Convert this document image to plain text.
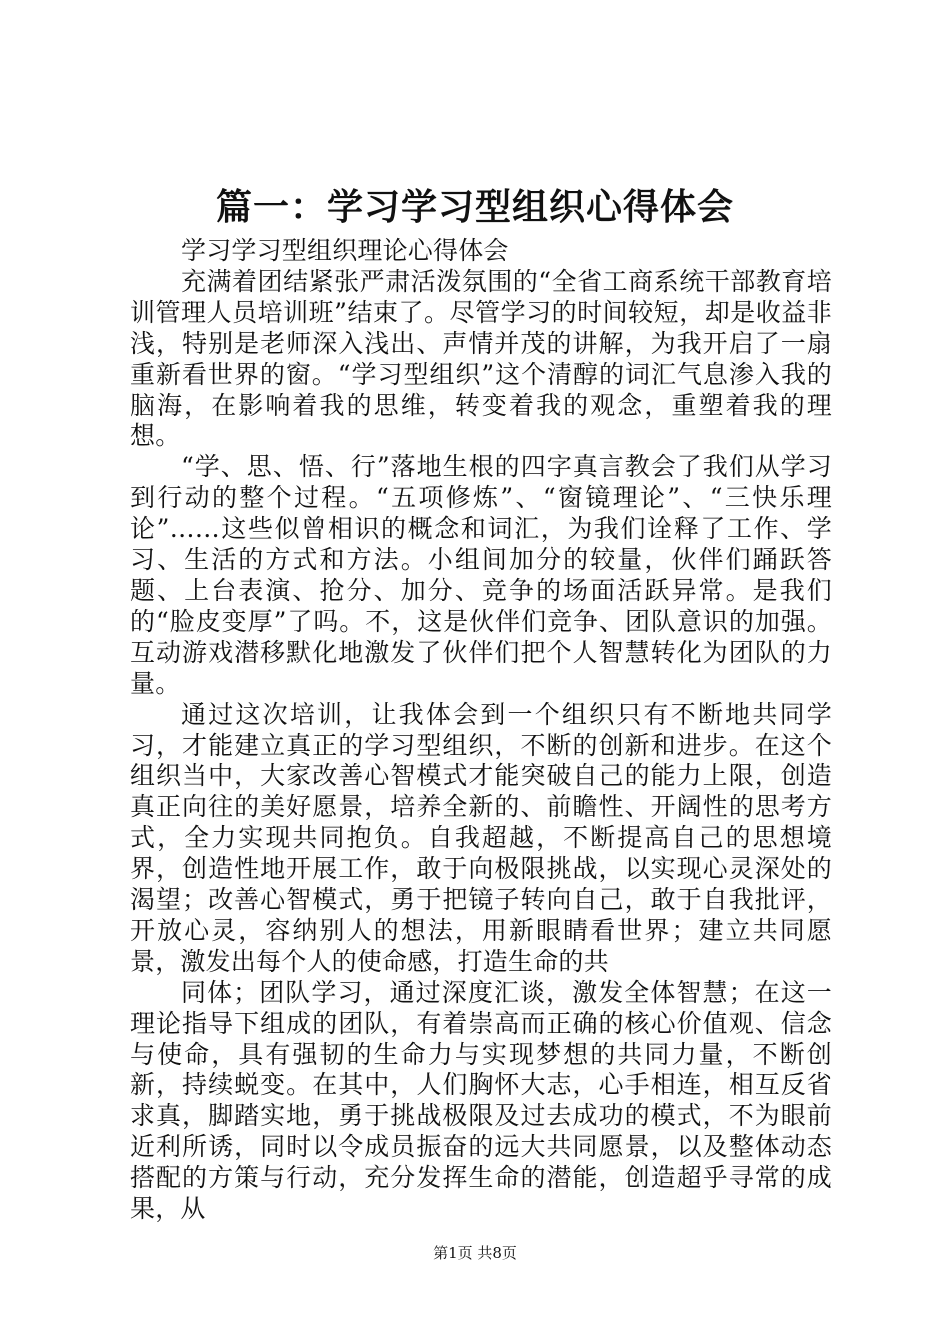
篇一：学习学习型组织心得体会

学习学习型组织理论心得体会

充满着团结紧张严肃活泼氛围的“全省工商系统干部教育培训管理人员培训班”结束了。尽管学习的时间较短，却是收益非浅，特别是老师深入浅出、声情并茂的讲解，为我开启了一扇重新看世界的窗。“学习型组织”这个清醇的词汇气息渗入我的脑海，在影响着我的思维，转变着我的观念，重塑着我的理想。

“学、思、悟、行”落地生根的四字真言教会了我们从学习到行动的整个过程。“五项修炼”、“窗镜理论”、“三快乐理论”……这些似曾相识的概念和词汇，为我们诠释了工作、学习、生活的方式和方法。小组间加分的较量，伙伴们踊跃答题、上台表演、抢分、加分、竞争的场面活跃异常。是我们的“脸皮变厚”了吗。不，这是伙伴们竞争、团队意识的加强。互动游戏潜移默化地激发了伙伴们把个人智慧转化为团队的力量。

通过这次培训，让我体会到一个组织只有不断地共同学习，才能建立真正的学习型组织，不断的创新和进步。在这个组织当中，大家改善心智模式才能突破自己的能力上限，创造真正向往的美好愿景，培养全新的、前瞻性、开阔性的思考方式，全力实现共同抱负。自我超越，不断提高自己的思想境界，创造性地开展工作，敢于向极限挑战，以实现心灵深处的渴望；改善心智模式，勇于把镜子转向自己，敢于自我批评，开放心灵，容纳别人的想法，用新眼睛看世界；建立共同愿景，激发出每个人的使命感，打造生命的共

同体；团队学习，通过深度汇谈，激发全体智慧；在这一理论指导下组成的团队，有着崇高而正确的核心价值观、信念与使命，具有强韧的生命力与实现梦想的共同力量，不断创新，持续蜕变。在其中，人们胸怀大志，心手相连，相互反省求真，脚踏实地，勇于挑战极限及过去成功的模式，不为眼前近利所诱，同时以令成员振奋的远大共同愿景，以及整体动态搭配的方策与行动，充分发挥生命的潜能，创造超乎寻常的成果，从

第1页 共8页
